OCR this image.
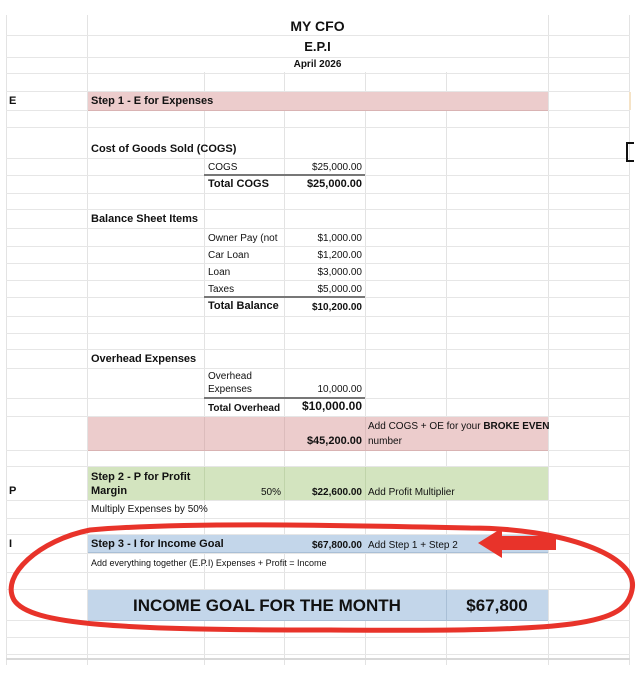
MY CFO
E.P.I
April 2026
E	Step 1 - E for Expenses
Cost of Goods Sold (COGS)
COGS	$25,000.00
Total COGS	$25,000.00
Balance Sheet Items
Owner Pay (not	$1,000.00
Car Loan	$1,200.00
Loan	$3,000.00
Taxes	$5,000.00
Total Balance	$10,200.00
Overhead Expenses
Overhead
Expenses	10,000.00
Total Overhead	$10,000.00
$45,200.00
Add COGS + OE for your BROKE EVEN
number
P
Step 2 - P for Profit
Margin	50%	$22,600.00 Add Profit Multiplier
Multiply Expenses by 50%
I	Step 3 - I for Income Goal	$67,800.00 Add Step 1 + Step 2
Add everything together (E.P.I) Expenses + Profit = Income
INCOME GOAL FOR THE MONTH	$67,800
